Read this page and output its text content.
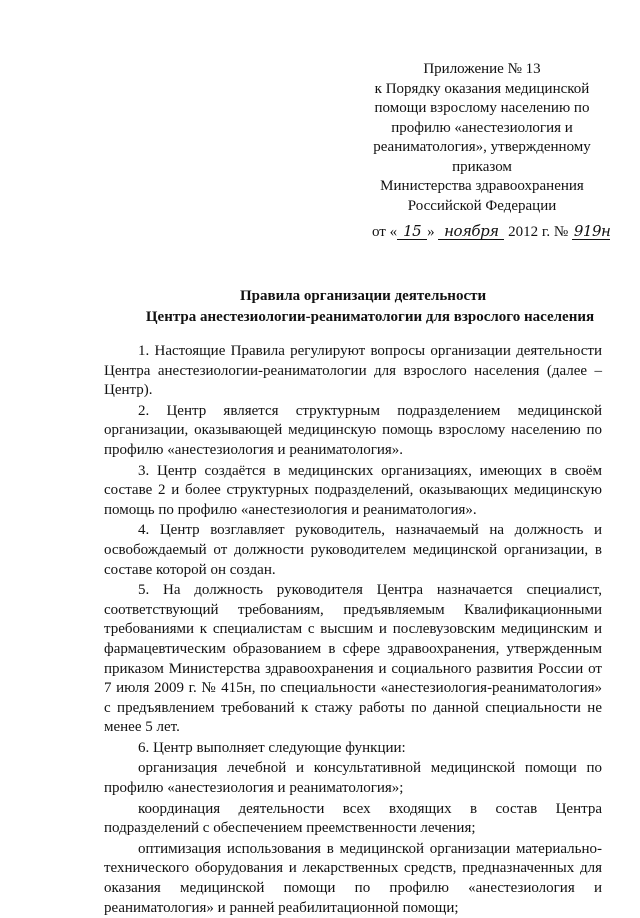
Приложение № 13
к Порядку оказания медицинской
помощи взрослому населению по
профилю «анестезиология и
реаниматология», утвержденному
приказом
Министерства здравоохранения
Российской Федерации
от « 15 » ноября 2012 г. № 919н
Правила организации деятельности
Центра анестезиологии-реаниматологии для взрослого населения

1. Настоящие Правила регулируют вопросы организации деятельности Центра анестезиологии-реаниматологии для взрослого населения (далее – Центр).

2. Центр является структурным подразделением медицинской организации, оказывающей медицинскую помощь взрослому населению по профилю «анестезиология и реаниматология».

3. Центр создаётся в медицинских организациях, имеющих в своём составе 2 и более структурных подразделений, оказывающих медицинскую помощь по профилю «анестезиология и реаниматология».

4. Центр возглавляет руководитель, назначаемый на должность и освобождаемый от должности руководителем медицинской организации, в составе которой он создан.

5. На должность руководителя Центра назначается специалист, соответствующий требованиям, предъявляемым Квалификационными требованиями к специалистам с высшим и послевузовским медицинским и фармацевтическим образованием в сфере здравоохранения, утвержденным приказом Министерства здравоохранения и социального развития России от 7 июля 2009 г. № 415н, по специальности «анестезиология-реаниматология» с предъявлением требований к стажу работы по данной специальности не менее 5 лет.

6. Центр выполняет следующие функции:

организация лечебной и консультативной медицинской помощи по профилю «анестезиология и реаниматология»;

координация деятельности всех входящих в состав Центра подразделений с обеспечением преемственности лечения;

оптимизация использования в медицинской организации материально-технического оборудования и лекарственных средств, предназначенных для оказания медицинской помощи по профилю «анестезиология и реаниматология» и ранней реабилитационной помощи;
